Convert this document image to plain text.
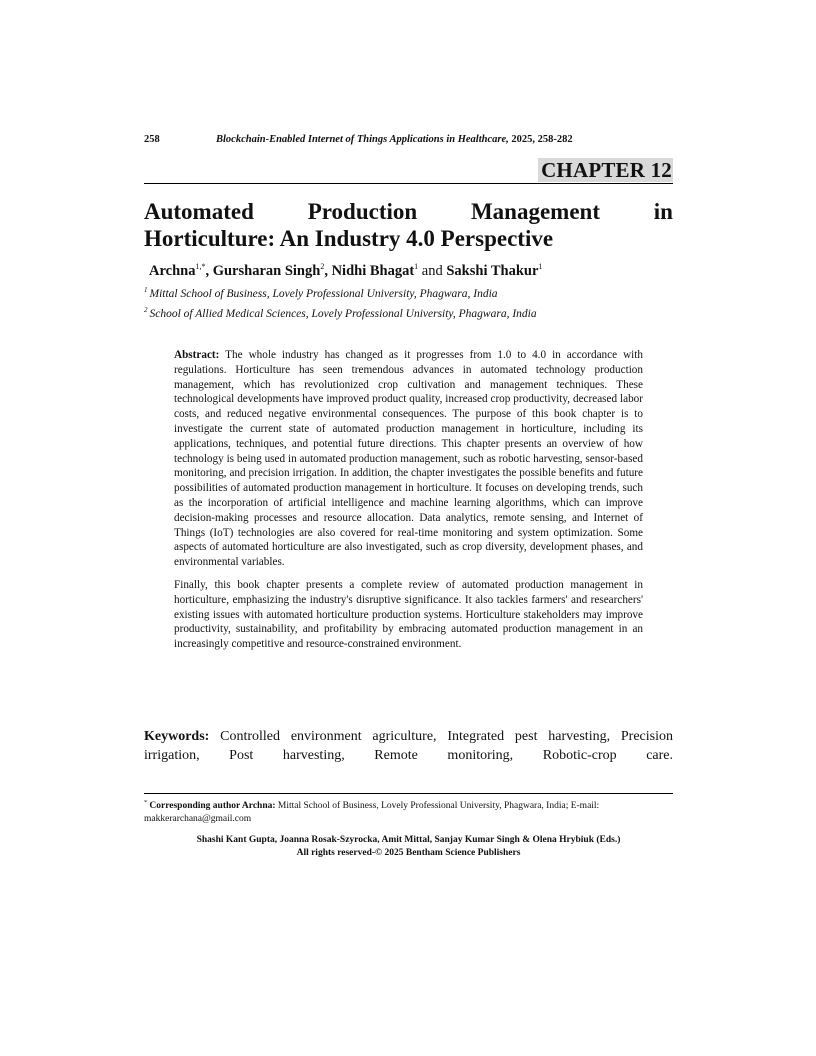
258	Blockchain-Enabled Internet of Things Applications in Healthcare, 2025, 258-282
CHAPTER 12
Automated Production Management in
Horticulture: An Industry 4.0 Perspective
Archna$^{1,*}$, Gursharan Singh$^2$, Nidhi Bhagat$^1$ and Sakshi Thakur$^1$
$^1$ Mittal School of Business, Lovely Professional University, Phagwara, India
$^2$ School of Allied Medical Sciences, Lovely Professional University, Phagwara, India

Abstract: The whole industry has changed as it progresses from 1.0 to 4.0 in accordance with regulations. Horticulture has seen tremendous advances in automated technology production management, which has revolutionized crop cultivation and management techniques. These technological developments have improved product quality, increased crop productivity, decreased labor costs, and reduced negative environmental consequences. The purpose of this book chapter is to investigate the current state of automated production management in horticulture, including its applications, techniques, and potential future directions. This chapter presents an overview of how technology is being used in automated production management, such as robotic harvesting, sensor-based monitoring, and precision irrigation. In addition, the chapter investigates the possible benefits and future possibilities of automated production management in horticulture. It focuses on developing trends, such as the incorporation of artificial intelligence and machine learning algorithms, which can improve decision-making processes and resource allocation. Data analytics, remote sensing, and Internet of Things (IoT) technologies are also covered for real-time monitoring and system optimization. Some aspects of automated horticulture are also investigated, such as crop diversity, development phases, and environmental variables.

Finally, this book chapter presents a complete review of automated production management in horticulture, emphasizing the industry's disruptive significance. It also tackles farmers' and researchers' existing issues with automated horticulture production systems. Horticulture stakeholders may improve productivity, sustainability, and profitability by embracing automated production management in an increasingly competitive and resource-constrained environment.

Keywords: Controlled environment agriculture, Integrated pest harvesting, Precision irrigation, Post harvesting, Remote monitoring, Robotic-crop care.
* Corresponding author Archna: Mittal School of Business, Lovely Professional University, Phagwara, India; E-mail: makkerarchana@gmail.com
Shashi Kant Gupta, Joanna Rosak-Szyrocka, Amit Mittal, Sanjay Kumar Singh & Olena Hrybiuk (Eds.)
All rights reserved-© 2025 Bentham Science Publishers
